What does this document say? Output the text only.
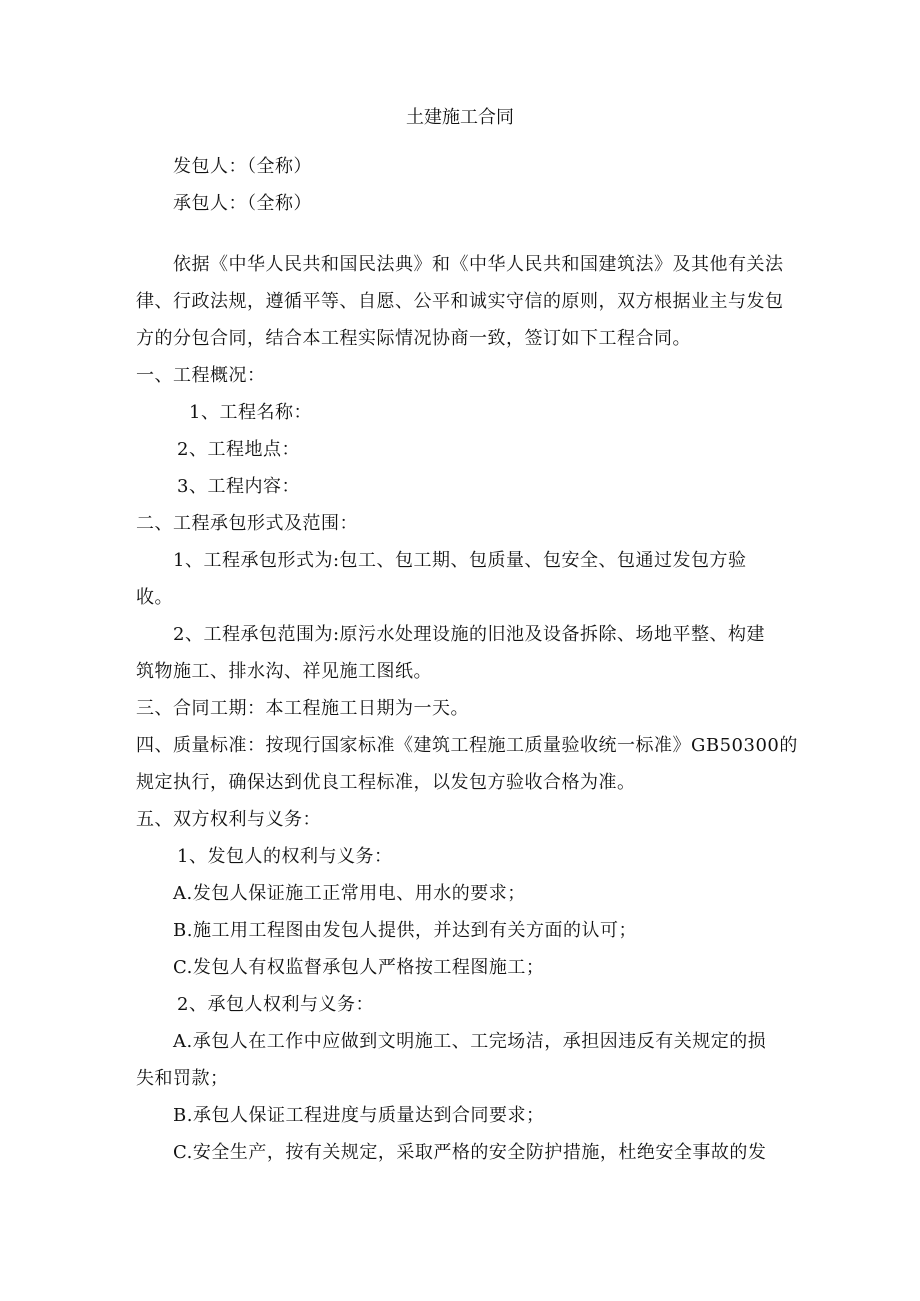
土建施工合同
发包人：（全称）
承包人：（全称）
依据《中华人民共和国民法典》和《中华人民共和国建筑法》及其他有关法
律、行政法规，遵循平等、自愿、公平和诚实守信的原则，双方根据业主与发包
方的分包合同，结合本工程实际情况协商一致，签订如下工程合同。
一、工程概况：
1、工程名称：
2、工程地点：
3、工程内容：
二、工程承包形式及范围：
1、工程承包形式为:包工、包工期、包质量、包安全、包通过发包方验
收。
2、工程承包范围为:原污水处理设施的旧池及设备拆除、场地平整、构建
筑物施工、排水沟、祥见施工图纸。
三、合同工期：本工程施工日期为一天。
四、质量标准：按现行国家标准《建筑工程施工质量验收统一标准》GB50300的
规定执行，确保达到优良工程标准，以发包方验收合格为准。
五、双方权利与义务：
1、发包人的权利与义务：
A.发包人保证施工正常用电、用水的要求；
B.施工用工程图由发包人提供，并达到有关方面的认可；
C.发包人有权监督承包人严格按工程图施工；
2、承包人权利与义务：
A.承包人在工作中应做到文明施工、工完场洁，承担因违反有关规定的损
失和罚款；
B.承包人保证工程进度与质量达到合同要求；
C.安全生产，按有关规定，采取严格的安全防护措施，杜绝安全事故的发
